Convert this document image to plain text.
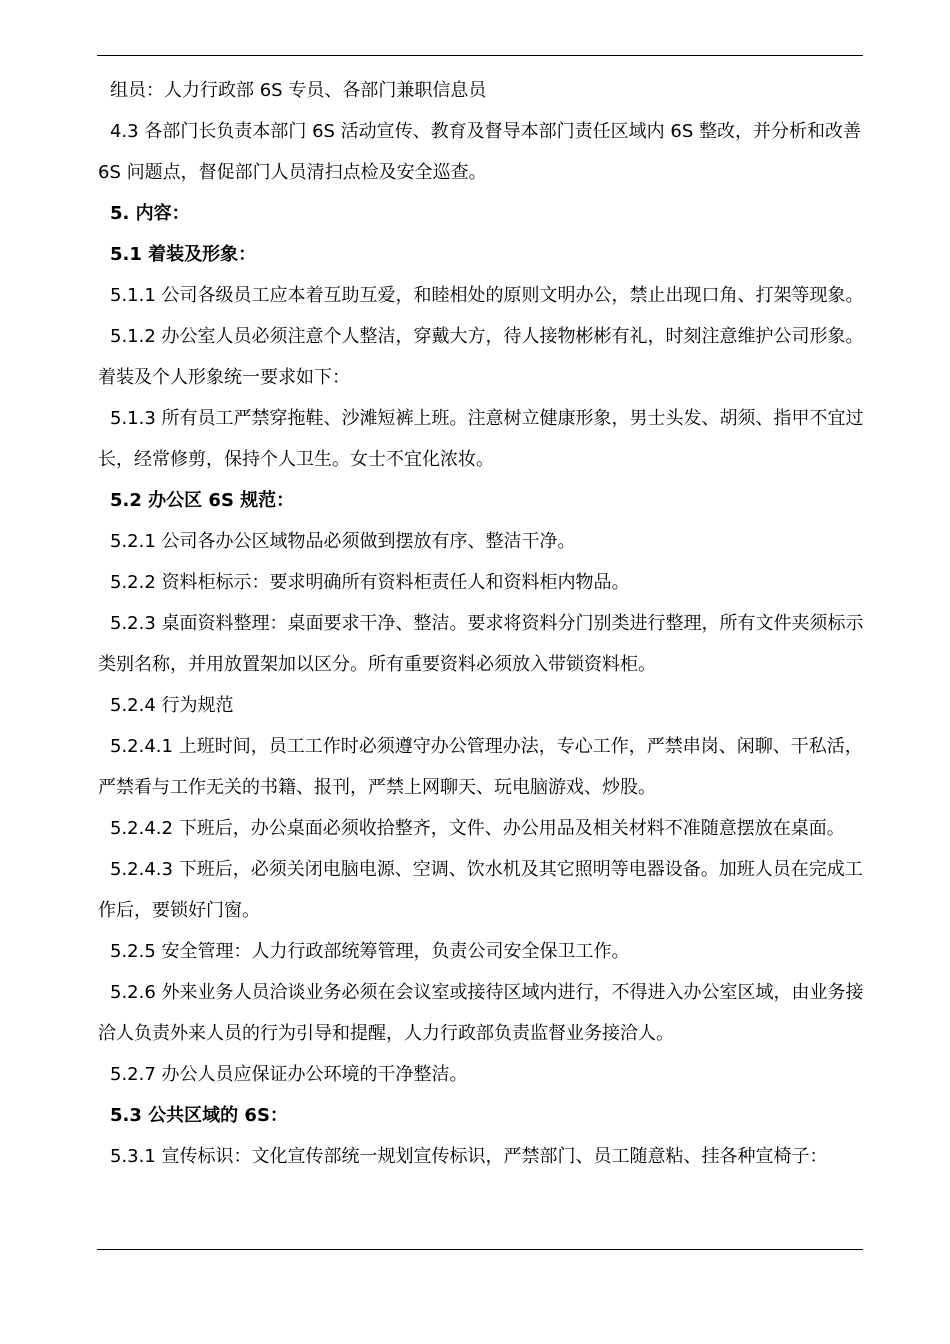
组员：人力行政部 6S 专员、各部门兼职信息员

4.3 各部门长负责本部门 6S 活动宣传、教育及督导本部门责任区域内 6S 整改，并分析和改善 6S 问题点，督促部门人员清扫点检及安全巡查。

5. 内容：

5.1 着装及形象：

5.1.1 公司各级员工应本着互助互爱，和睦相处的原则文明办公，禁止出现口角、打架等现象。

5.1.2 办公室人员必须注意个人整洁，穿戴大方，待人接物彬彬有礼，时刻注意维护公司形象。着装及个人形象统一要求如下：

5.1.3 所有员工严禁穿拖鞋、沙滩短裤上班。注意树立健康形象，男士头发、胡须、指甲不宜过长，经常修剪，保持个人卫生。女士不宜化浓妆。

5.2 办公区 6S 规范：

5.2.1 公司各办公区域物品必须做到摆放有序、整洁干净。

5.2.2 资料柜标示：要求明确所有资料柜责任人和资料柜内物品。

5.2.3 桌面资料整理：桌面要求干净、整洁。要求将资料分门别类进行整理，所有文件夹须标示类别名称，并用放置架加以区分。所有重要资料必须放入带锁资料柜。

5.2.4 行为规范

5.2.4.1 上班时间，员工工作时必须遵守办公管理办法，专心工作，严禁串岗、闲聊、干私活，严禁看与工作无关的书籍、报刊，严禁上网聊天、玩电脑游戏、炒股。

5.2.4.2 下班后，办公桌面必须收拾整齐，文件、办公用品及相关材料不准随意摆放在桌面。

5.2.4.3 下班后，必须关闭电脑电源、空调、饮水机及其它照明等电器设备。加班人员在完成工作后，要锁好门窗。

5.2.5 安全管理：人力行政部统筹管理，负责公司安全保卫工作。

5.2.6 外来业务人员洽谈业务必须在会议室或接待区域内进行，不得进入办公室区域，由业务接洽人负责外来人员的行为引导和提醒，人力行政部负责监督业务接洽人。

5.2.7 办公人员应保证办公环境的干净整洁。

5.3 公共区域的 6S：

5.3.1 宣传标识：文化宣传部统一规划宣传标识，严禁部门、员工随意粘、挂各种宣椅子：
